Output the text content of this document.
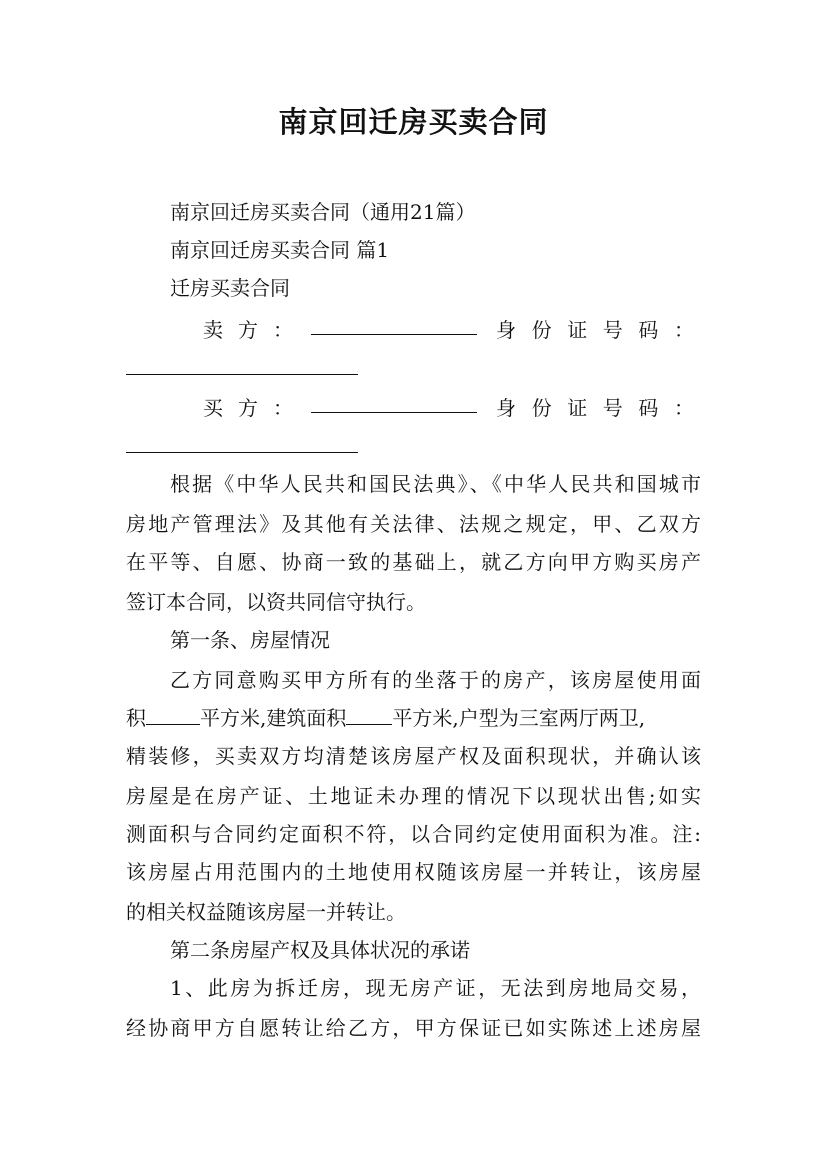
南京回迁房买卖合同
南京回迁房买卖合同（通用21篇）
南京回迁房买卖合同 篇1
迁房买卖合同
卖 方 ：	身 份 证 号 码 ：
买 方 ：	身 份 证 号 码 ：
根据《中华人民共和国民法典》、《中华人民共和国城市
房地产管理法》及其他有关法律、法规之规定，甲、乙双方
在平等、自愿、协商一致的基础上，就乙方向甲方购买房产
签订本合同，以资共同信守执行。
第一条、房屋情况
乙方同意购买甲方所有的坐落于的房产，该房屋使用面
积	平方米,建筑面积 平方米,户型为三室两厅两卫,
精装修，买卖双方均清楚该房屋产权及面积现状，并确认该
房屋是在房产证、土地证未办理的情况下以现状出售;如实
测面积与合同约定面积不符，以合同约定使用面积为准。注:
该房屋占用范围内的土地使用权随该房屋一并转让，该房屋
的相关权益随该房屋一并转让。
第二条房屋产权及具体状况的承诺
1、此房为拆迁房，现无房产证，无法到房地局交易，
经协商甲方自愿转让给乙方，甲方保证已如实陈述上述房屋
